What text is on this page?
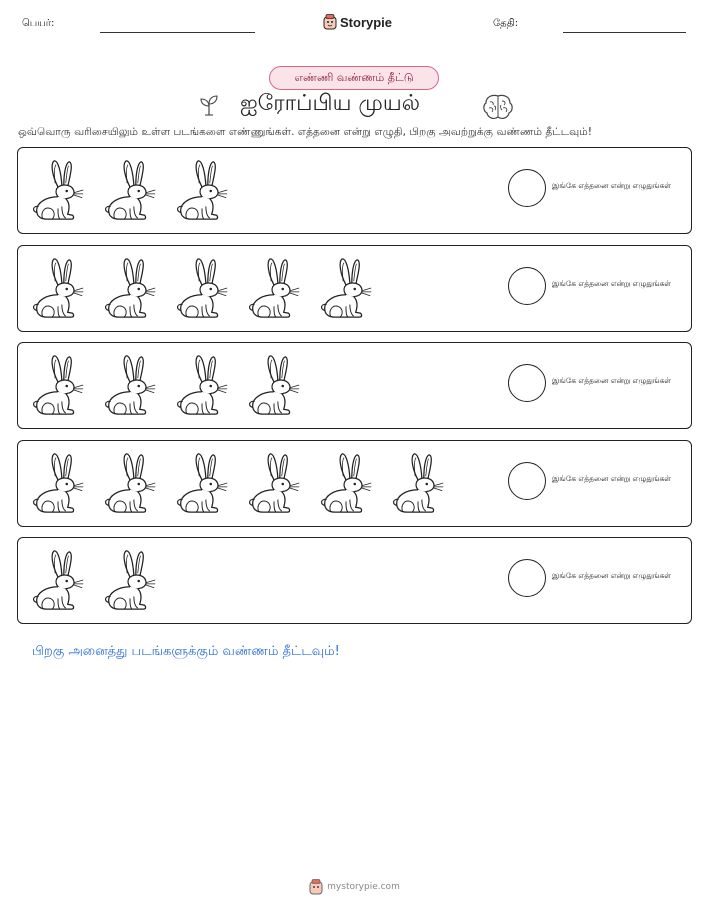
பெயர்:	Storypie	தேதி:
எண்ணி வண்ணம் தீட்டு
ஐரோப்பிய முயல்
ஒவ்வொரு வரிசையிலும் உள்ள படங்களை எண்ணுங்கள். எத்தனை என்று எழுதி, பிறகு அவற்றுக்கு வண்ணம் தீட்டவும்!
இங்கே எத்தனை என்று எழுதுங்கள்
இங்கே எத்தனை என்று எழுதுங்கள்
இங்கே எத்தனை என்று எழுதுங்கள்
இங்கே எத்தனை என்று எழுதுங்கள்
இங்கே எத்தனை என்று எழுதுங்கள்
பிறகு அனைத்து படங்களுக்கும் வண்ணம் தீட்டவும்!
mystorypie.com
